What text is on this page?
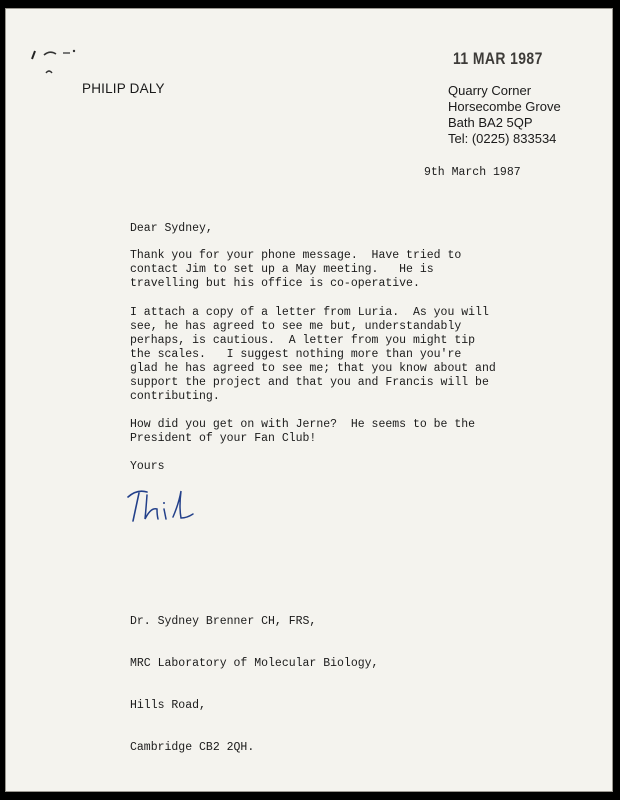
11 MAR 1987
PHILIP DALY	Quarry Corner
Horsecombe Grove
Bath BA2 5QP
Tel: (0225) 833534
9th March 1987
Dear Sydney,
Thank you for your phone message.  Have tried to
contact Jim to set up a May meeting.   He is
travelling but his office is co-operative.
I attach a copy of a letter from Luria.  As you will
see, he has agreed to see me but, understandably
perhaps, is cautious.  A letter from you might tip
the scales.   I suggest nothing more than you're
glad he has agreed to see me; that you know about and
support the project and that you and Francis will be
contributing.
How did you get on with Jerne?  He seems to be the
President of your Fan Club!
Yours

Dr. Sydney Brenner CH, FRS,

MRC Laboratory of Molecular Biology,

Hills Road,

Cambridge CB2 2QH.
